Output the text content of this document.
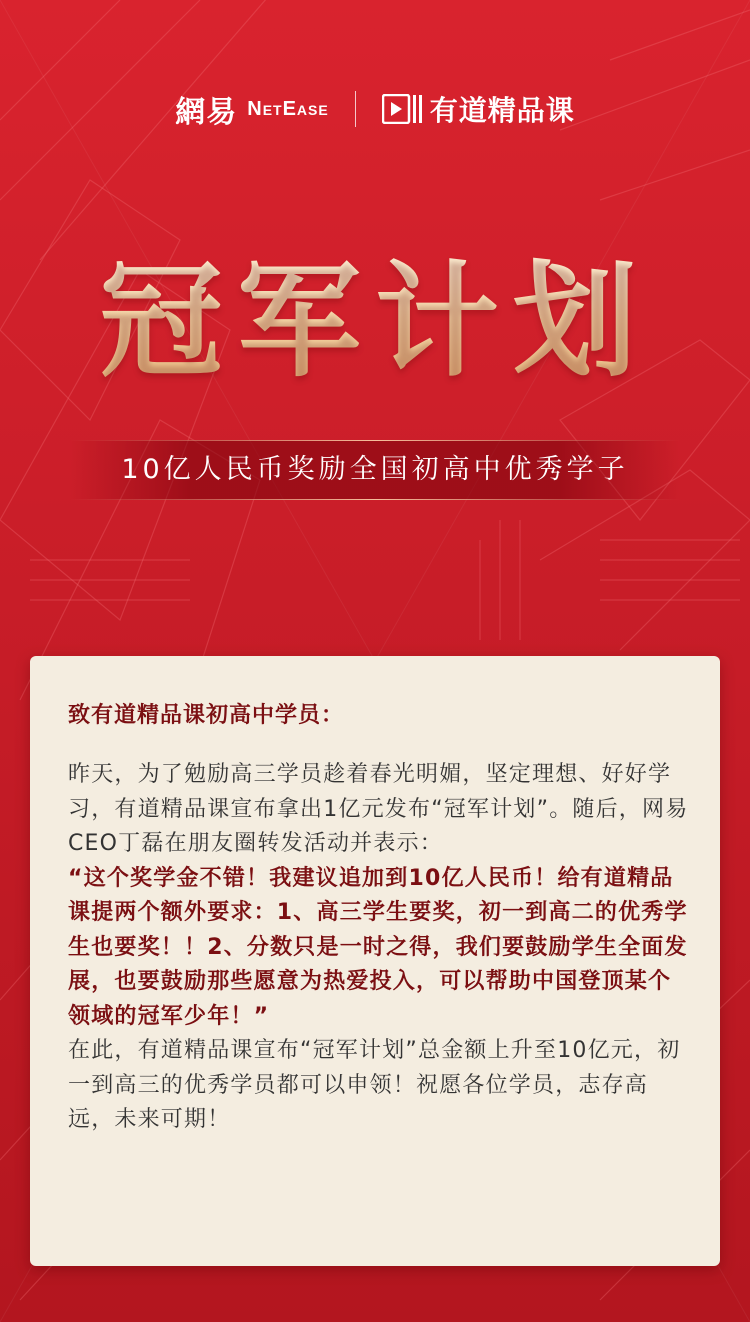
網易 NetEase	有道精品课
冠军计划
10亿人民币奖励全国初高中优秀学子
致有道精品课初高中学员：

昨天，为了勉励高三学员趁着春光明媚，坚定理想、好好学习，有道精品课宣布拿出1亿元发布“冠军计划”。随后，网易CEO丁磊在朋友圈转发活动并表示：

“这个奖学金不错！我建议追加到10亿人民币！给有道精品课提两个额外要求：1、高三学生要奖，初一到高二的优秀学生也要奖！！2、分数只是一时之得，我们要鼓励学生全面发展，也要鼓励那些愿意为热爱投入，可以帮助中国登顶某个领域的冠军少年！”

在此，有道精品课宣布“冠军计划”总金额上升至10亿元，初一到高三的优秀学员都可以申领！祝愿各位学员，志存高远，未来可期！
